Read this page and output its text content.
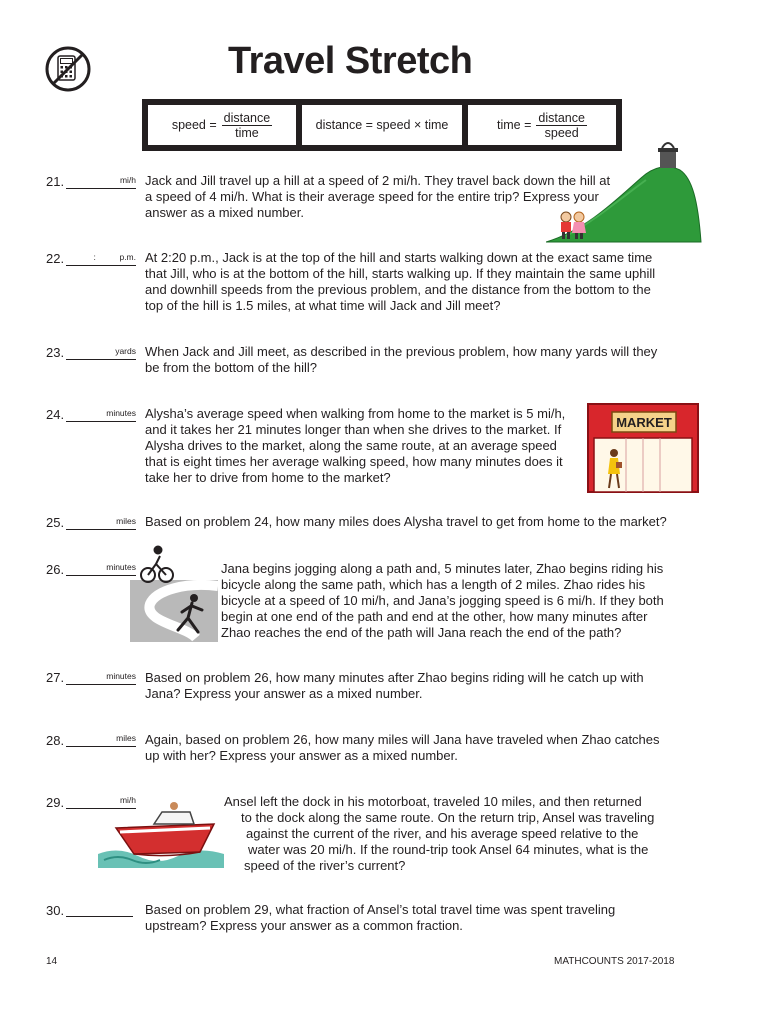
Travel Stretch
speed = $\frac{\text{distance}}{\text{time}}$	distance = speed × time	time = $\frac{\text{distance}}{\text{speed}}$
21.	mi/h Jack and Jill travel up a hill at a speed of 2 mi/h. They travel back down the hill at
a speed of 4 mi/h. What is their average speed for the entire trip? Express your
answer as a mixed number.
22.	:          p.m. At 2:20 p.m., Jack is at the top of the hill and starts walking down at the exact same time
that Jill, who is at the bottom of the hill, starts walking up. If they maintain the same uphill
and downhill speeds from the previous problem, and the distance from the bottom to the
top of the hill is 1.5 miles, at what time will Jack and Jill meet?
23.	yards When Jack and Jill meet, as described in the previous problem, how many yards will they
be from the bottom of the hill?
24.	minutes Alysha’s average speed when walking from home to the market is 5 mi/h,
and it takes her 21 minutes longer than when she drives to the market. If
Alysha drives to the market, along the same route, at an average speed
that is eight times her average walking speed, how many minutes does it
take her to drive from home to the market?
25.	miles Based on problem 24, how many miles does Alysha travel to get from home to the market?
26.	minutes	Jana begins jogging along a path and, 5 minutes later, Zhao begins riding his
bicycle along the same path, which has a length of 2 miles. Zhao rides his
bicycle at a speed of 10 mi/h, and Jana’s jogging speed is 6 mi/h. If they both
begin at one end of the path and end at the other, how many minutes after
Zhao reaches the end of the path will Jana reach the end of the path?
27.	minutes Based on problem 26, how many minutes after Zhao begins riding will he catch up with
Jana? Express your answer as a mixed number.
28.	miles Again, based on problem 26, how many miles will Jana have traveled when Zhao catches
up with her? Express your answer as a mixed number.
29.	mi/h	Ansel left the dock in his motorboat, traveled 10 miles, and then returned
to the dock along the same route. On the return trip, Ansel was traveling
against the current of the river, and his average speed relative to the
water was 20 mi/h. If the round-trip took Ansel 64 minutes, what is the
speed of the river’s current?
30.	Based on problem 29, what fraction of Ansel’s total travel time was spent traveling
upstream? Express your answer as a common fraction.
MARKET
14	MATHCOUNTS 2017-2018
